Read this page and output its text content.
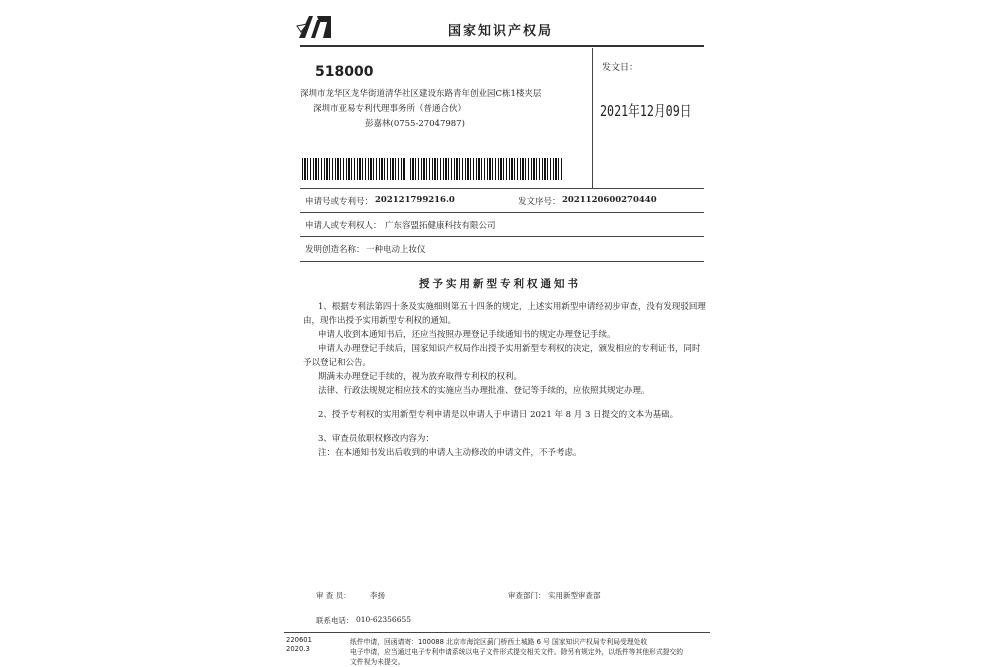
国家知识产权局
518000
深圳市龙华区龙华街道清华社区建设东路青年创业园C栋1楼夹层
深圳市亚易专利代理事务所（普通合伙）
彭嘉林(0755-27047987)
发文日：
2021年12月09日
申请号或专利号： 202121799216.0	发文序号： 2021120600270440
申请人或专利权人： 广东容盟拓健康科技有限公司
发明创造名称： 一种电动上妆仪
授予实用新型专利权通知书
1、根据专利法第四十条及实施细则第五十四条的规定，上述实用新型申请经初步审查，没有发现驳回理
由，现作出授予实用新型专利权的通知。
申请人收到本通知书后，还应当按照办理登记手续通知书的规定办理登记手续。
申请人办理登记手续后，国家知识产权局作出授予实用新型专利权的决定，颁发相应的专利证书，同时
予以登记和公告。
期满未办理登记手续的，视为放弃取得专利权的权利。
法律、行政法规规定相应技术的实施应当办理批准、登记等手续的，应依照其规定办理。
2、授予专利权的实用新型专利申请是以申请人于申请日 2021 年 8 月 3 日提交的文本为基础。
3、审查员依职权修改内容为：
注：在本通知书发出后收到的申请人主动修改的申请文件，不予考虑。
审 查 员：	李扬	审查部门： 实用新型审查部
联系电话： 010-62356655
220601
2020.3
纸件申请，回函请寄：100088 北京市海淀区蓟门桥西土城路 6 号 国家知识产权局专利局受理处收
电子申请，应当通过电子专利申请系统以电子文件形式提交相关文件。除另有规定外，以纸件等其他形式提交的
文件视为未提交。
